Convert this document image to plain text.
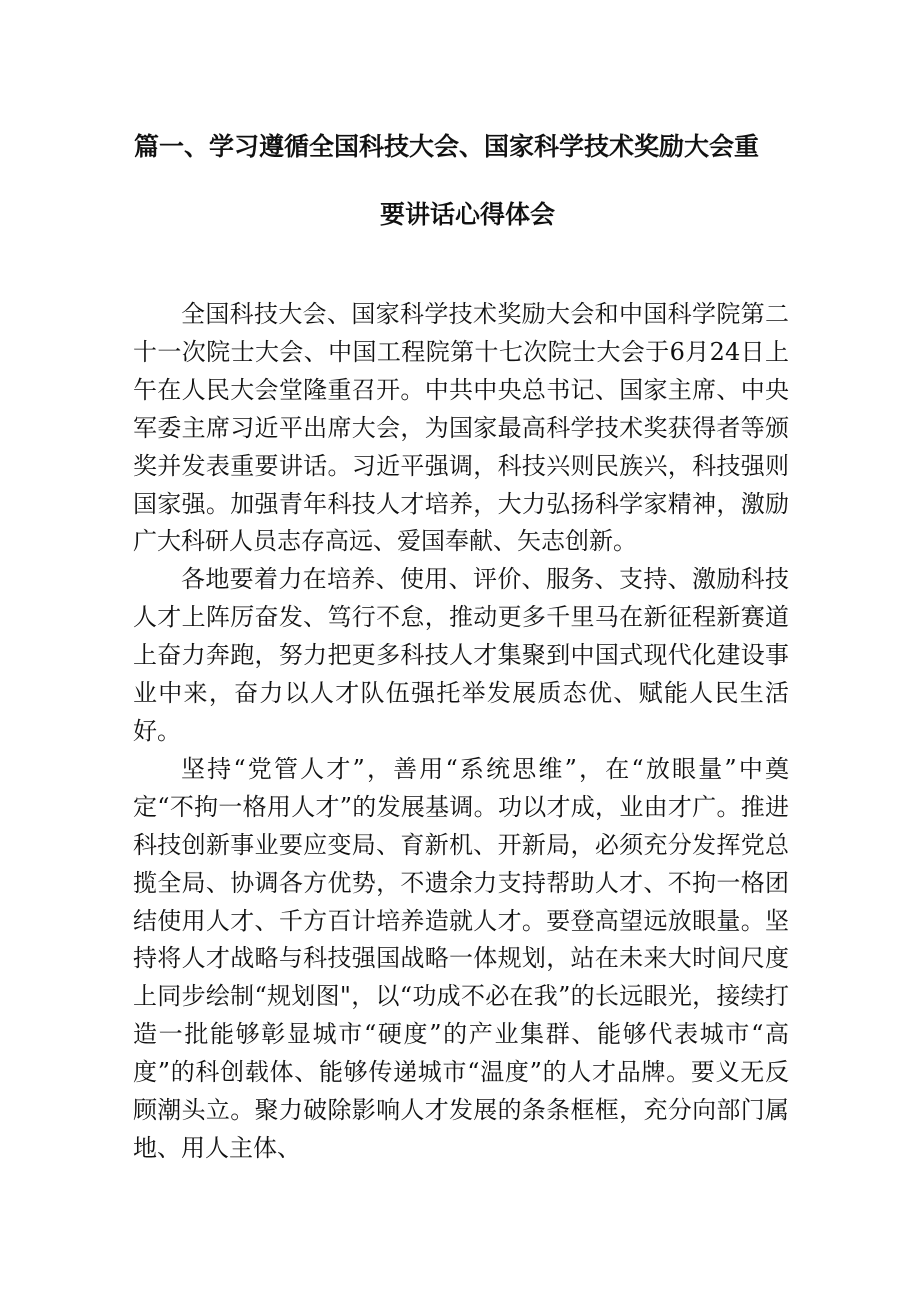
篇一、学习遵循全国科技大会、国家科学技术奖励大会重
要讲话心得体会

全国科技大会、国家科学技术奖励大会和中国科学院第二十一次院士大会、中国工程院第十七次院士大会于6月24日上午在人民大会堂隆重召开。中共中央总书记、国家主席、中央军委主席习近平出席大会，为国家最高科学技术奖获得者等颁奖并发表重要讲话。习近平强调，科技兴则民族兴，科技强则国家强。加强青年科技人才培养，大力弘扬科学家精神，激励广大科研人员志存高远、爱国奉献、矢志创新。

各地要着力在培养、使用、评价、服务、支持、激励科技人才上阵厉奋发、笃行不怠，推动更多千里马在新征程新赛道上奋力奔跑，努力把更多科技人才集聚到中国式现代化建设事业中来，奋力以人才队伍强托举发展质态优、赋能人民生活好。

坚持“党管人才”，善用“系统思维”，在“放眼量”中奠定“不拘一格用人才”的发展基调。功以才成，业由才广。推进科技创新事业要应变局、育新机、开新局，必须充分发挥党总揽全局、协调各方优势，不遗余力支持帮助人才、不拘一格团结使用人才、千方百计培养造就人才。要登高望远放眼量。坚持将人才战略与科技强国战略一体规划，站在未来大时间尺度上同步绘制“规划图"，以“功成不必在我”的长远眼光，接续打造一批能够彰显城市“硬度”的产业集群、能够代表城市“高度”的科创载体、能够传递城市“温度”的人才品牌。要义无反顾潮头立。聚力破除影响人才发展的条条框框，充分向部门属地、用人主体、
